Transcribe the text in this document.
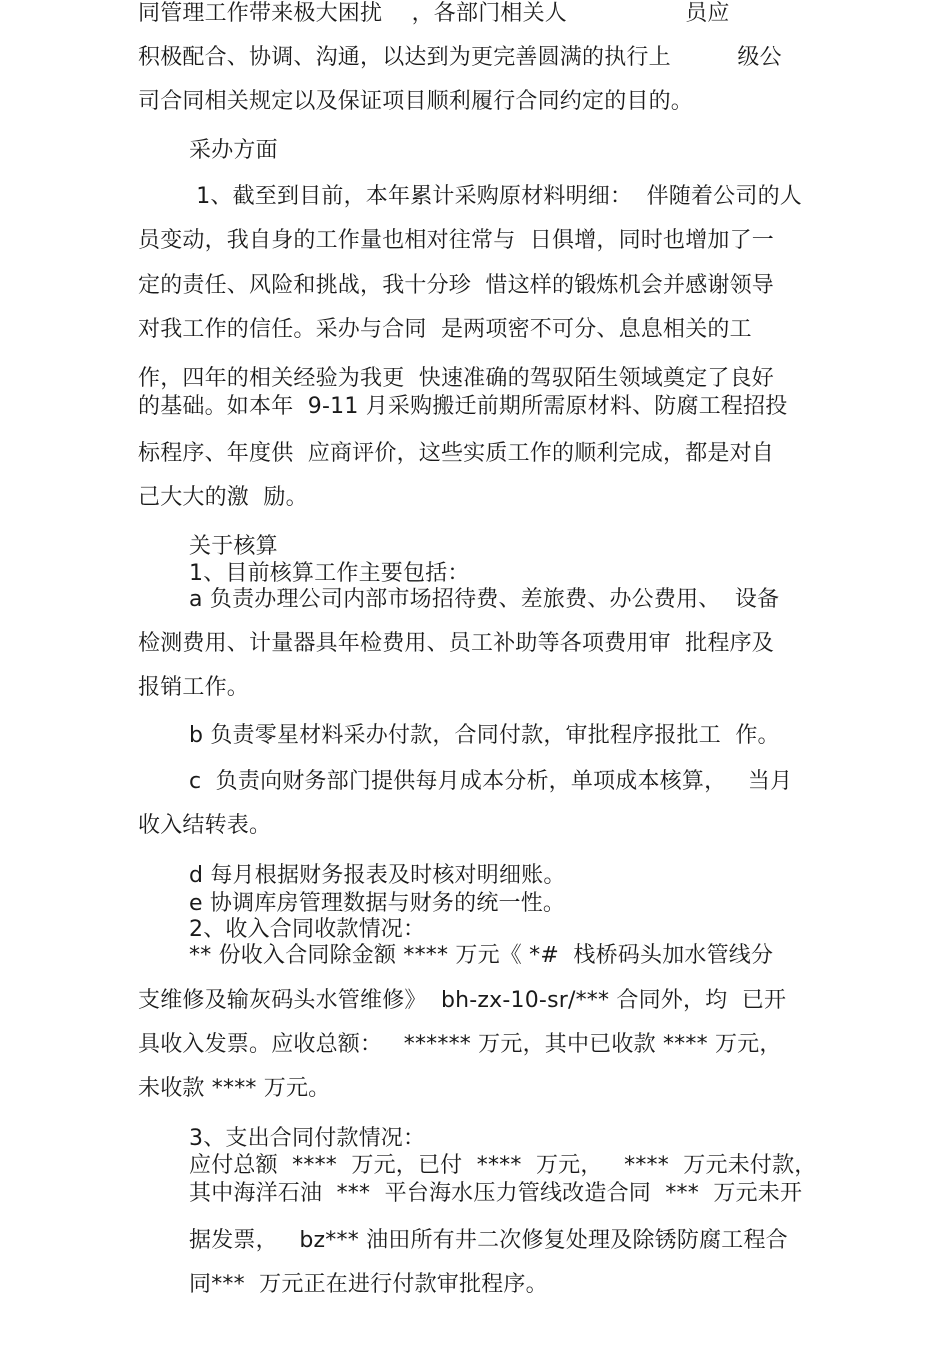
同管理工作带来极大困扰　 ，各部门相关人　　　　　 员应
积极配合、协调、沟通，以达到为更完善圆满的执行上　　　级公
司合同相关规定以及保证项目顺利履行合同约定的目的。
采办方面
1、截至到目前，本年累计采购原材料明细：  伴随着公司的人
员变动，我自身的工作量也相对往常与  日俱增，同时也增加了一
定的责任、风险和挑战，我十分珍  惜这样的锻炼机会并感谢领导
对我工作的信任。采办与合同  是两项密不可分、息息相关的工
作，四年的相关经验为我更  快速准确的驾驭陌生领域奠定了良好
的基础。如本年  9-11 月采购搬迁前期所需原材料、防腐工程招投
标程序、年度供  应商评价，这些实质工作的顺利完成，都是对自
己大大的激  励。
关于核算
1、目前核算工作主要包括：
a 负责办理公司内部市场招待费、差旅费、办公费用、  设备
检测费用、计量器具年检费用、员工补助等各项费用审  批程序及
报销工作。
b 负责零星材料采办付款，合同付款，审批程序报批工  作。
c  负责向财务部门提供每月成本分析，单项成本核算，   当月
收入结转表。
d 每月根据财务报表及时核对明细账。
e 协调库房管理数据与财务的统一性。
2、收入合同收款情况：
** 份收入合同除金额 **** 万元《 *#  栈桥码头加水管线分
支维修及输灰码头水管维修》  bh-zx-10-sr/*** 合同外，均  已开
具收入发票。应收总额：   ****** 万元，其中已收款 **** 万元，
未收款 **** 万元。
3、支出合同付款情况：
应付总额  ****  万元，已付  ****  万元，   ****  万元未付款，
其中海洋石油  ***  平台海水压力管线改造合同  ***  万元未开
据发票，   bz*** 油田所有井二次修复处理及除锈防腐工程合
同***  万元正在进行付款审批程序。
